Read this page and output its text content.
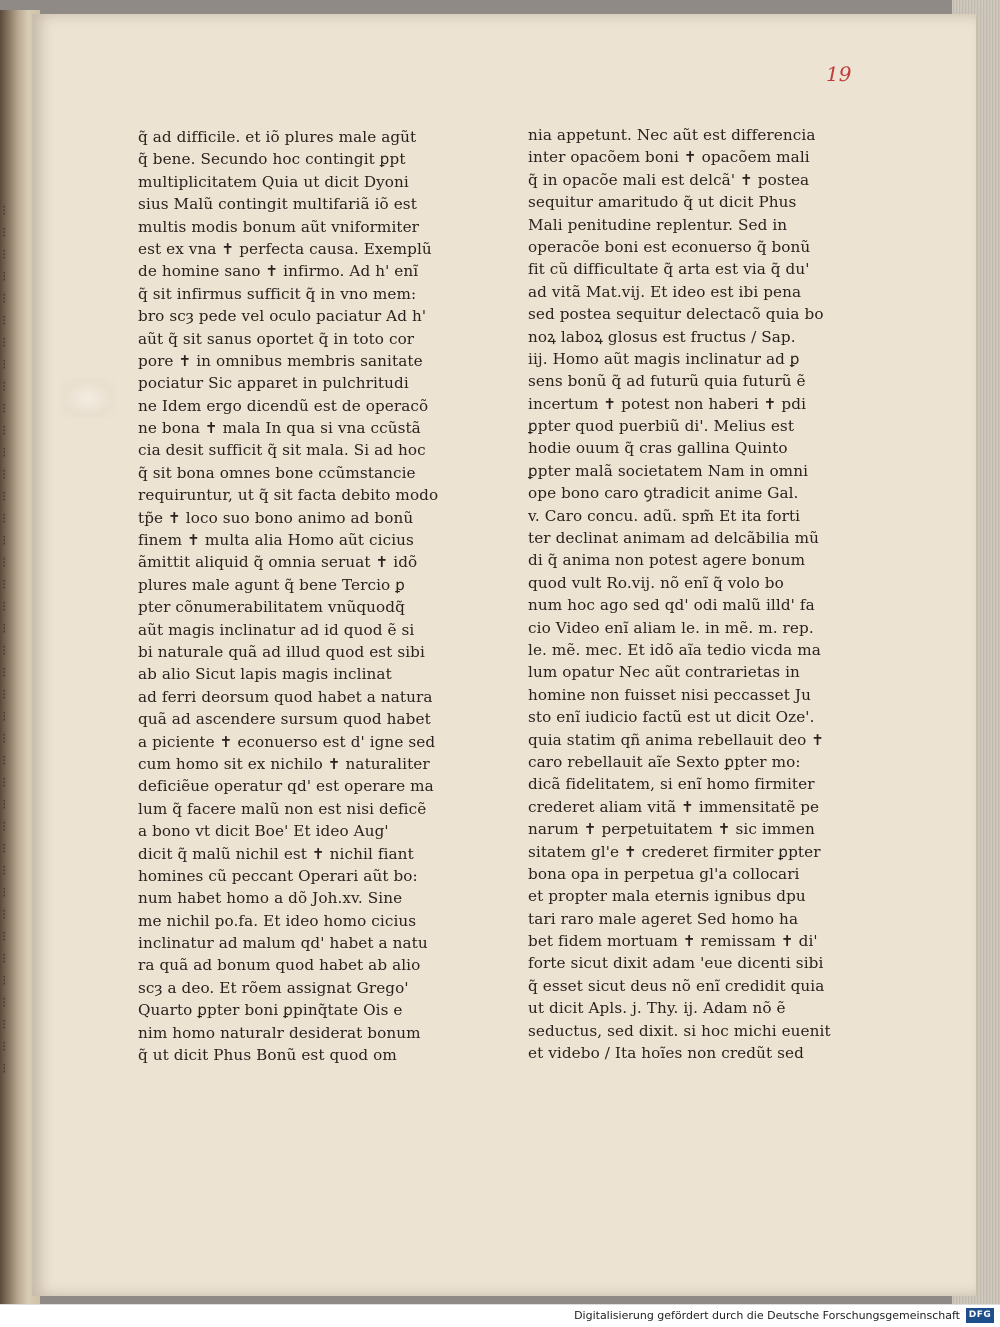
⁝
⁝
⁝
⁝
⁝
⁝
⁝
⁝
⁝
⁝
⁝
⁝
⁝
⁝
⁝
⁝
⁝
⁝
⁝
⁝
⁝
⁝
⁝
⁝
⁝
⁝
⁝
⁝
⁝
⁝
⁝
⁝
⁝
⁝
⁝
⁝
⁝
⁝
⁝
⁝
19
q̃ ad difficile. et iõ plures male agũt
q̃ bene. Secundo hoc contingit ꝑpt
multiplicitatem Quia ut dicit Dyoni
sius Malũ contingit multifariã iõ est
multis modis bonum aũt vniformiter
est ex vna ✝ perfecta causa. Exemplũ
de homine sano ✝ infirmo. Ad h' enĩ
q̃ sit infirmus sufficit q̃ in vno mem:
bro scȝ pede vel oculo paciatur Ad h'
aũt q̃ sit sanus oportet q̃ in toto cor
pore ✝ in omnibus membris sanitate
pociatur Sic apparet in pulchritudi
ne Idem ergo dicendũ est de operacõ
ne bona ✝ mala In qua si vna ccũstã
cia desit sufficit q̃ sit mala. Si ad hoc
q̃ sit bona omnes bone ccũmstancie
requiruntur, ut q̃ sit facta debito modo
tp̃e ✝ loco suo bono animo ad bonũ
finem ✝ multa alia Homo aũt cicius
ãmittit aliquid q̃ omnia seruat ✝ idõ
plures male agunt q̃ bene Tercio ꝑ
pter cõnumerabilitatem vnũquodq̃
aũt magis inclinatur ad id quod ẽ si
bi naturale quã ad illud quod est sibi
ab alio Sicut lapis magis inclinat
ad ferri deorsum quod habet a natura
quã ad ascendere sursum quod habet
a piciente ✝ econuerso est d' igne sed
cum homo sit ex nichilo ✝ naturaliter
deficiẽue operatur qd' est operare ma
lum q̃ facere malũ non est nisi deficẽ
a bono vt dicit Boe' Et ideo Aug'
dicit q̃ malũ nichil est ✝ nichil fiant
homines cũ peccant Operari aũt bo:
num habet homo a dõ Joh.xv. Sine
me nichil po.fa. Et ideo homo cicius
inclinatur ad malum qd' habet a natu
ra quã ad bonum quod habet ab alio
scȝ a deo. Et rõem assignat Grego'
Quarto ꝑpter boni ꝑpinq̃tate Ois e
nim homo naturalr desiderat bonum
q̃ ut dicit Phus Bonũ est quod om
nia appetunt. Nec aũt est differencia
inter opacõem boni ✝ opacõem mali
q̃ in opacõe mali est delcã' ✝ postea
sequitur amaritudo q̃ ut dicit Phus
Mali penitudine replentur. Sed in
operacõe boni est econuerso q̃ bonũ
fit cũ difficultate q̃ arta est via q̃ du'
ad vitã Mat.vij. Et ideo est ibi pena
sed postea sequitur delectacõ quia bo
noꝝ laboꝝ glosus est fructus / Sap.
iij. Homo aũt magis inclinatur ad ꝑ
sens bonũ q̃ ad futurũ quia futurũ ẽ
incertum ✝ potest non haberi ✝ pdi
ꝑpter quod puerbiũ di'. Melius est
hodie ouum q̃ cras gallina Quinto
ꝑpter malã societatem Nam in omni
ope bono caro ꝯtradicit anime Gal.
v. Caro concu. adũ. spm̃ Et ita forti
ter declinat animam ad delcãbilia mũ
di q̃ anima non potest agere bonum
quod vult Ro.vij. nõ enĩ q̃ volo bo
num hoc ago sed qd' odi malũ illd' fa
cio Video enĩ aliam le. in mẽ. m. rep.
le. mẽ. mec. Et idõ aĩa tedio vicda ma
lum opatur Nec aũt contrarietas in
homine non fuisset nisi peccasset Ju
sto enĩ iudicio factũ est ut dicit Oze'.
quia statim qñ anima rebellauit deo ✝
caro rebellauit aĩe Sexto ꝑpter mo:
dicã fidelitatem, si enĩ homo firmiter
crederet aliam vitã ✝ immensitatẽ pe
narum ✝ perpetuitatem ✝ sic immen
sitatem gl'e ✝ crederet firmiter ꝑpter
bona opa in perpetua gl'a collocari
et propter mala eternis ignibus dpu
tari raro male ageret Sed homo ha
bet fidem mortuam ✝ remissam ✝ di'
forte sicut dixit adam 'eue dicenti sibi
q̃ esset sicut deus nõ enĩ credidit quia
ut dicit Apls. j. Thy. ij. Adam nõ ẽ
seductus, sed dixit. si hoc michi euenit
et videbo / Ita hoĩes non credũt sed
Digitalisierung gefördert durch die Deutsche Forschungsgemeinschaft DFG
